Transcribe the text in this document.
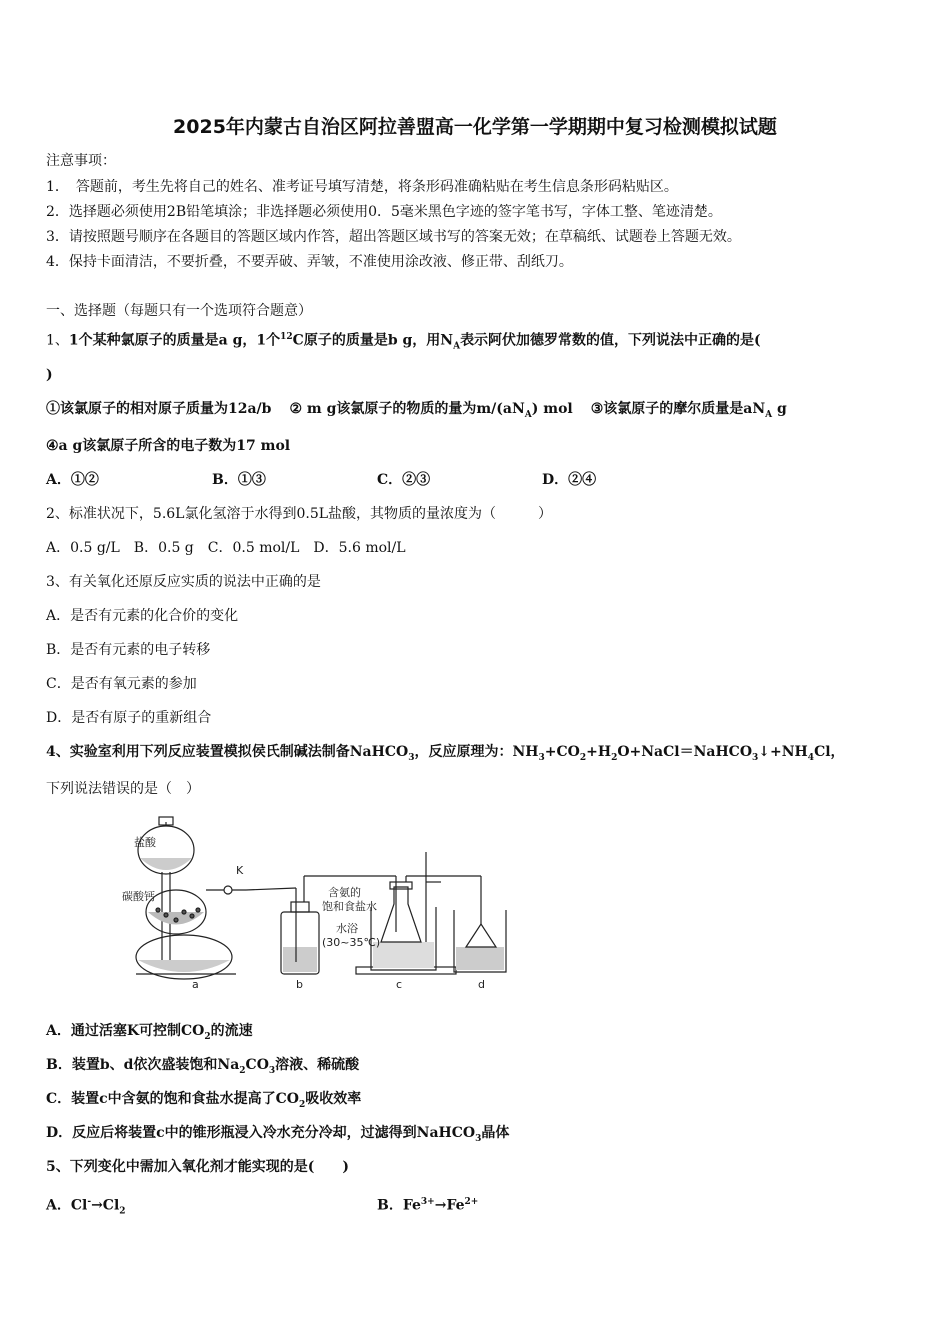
2025年内蒙古自治区阿拉善盟高一化学第一学期期中复习检测模拟试题
注意事项：
1．　答题前，考生先将自己的姓名、准考证号填写清楚，将条形码准确粘贴在考生信息条形码粘贴区。
2．选择题必须使用2B铅笔填涂；非选择题必须使用0．5毫米黑色字迹的签字笔书写，字体工整、笔迹清楚。
3．请按照题号顺序在各题目的答题区域内作答，超出答题区域书写的答案无效；在草稿纸、试题卷上答题无效。
4．保持卡面清洁，不要折叠，不要弄破、弄皱，不准使用涂改液、修正带、刮纸刀。
一、选择题（每题只有一个选项符合题意）
1、1个某种氯原子的质量是a g，1个$^{12}$C原子的质量是b g，用$N_A$表示阿伏加德罗常数的值，下列说法中正确的是(
)
①该氯原子的相对原子质量为12a/b ② m g该氯原子的物质的量为$m/(aN_A)$ mol ③该氯原子的摩尔质量是$aN_A$ g
④a g该氯原子所含的电子数为17 mol
A．①②	B．①③	C．②③	D．②④
2、标准状况下，5.6L氯化氢溶于水得到0.5L盐酸，其物质的量浓度为（　　　）
A．0.5 g/L　B．0.5 g　C．0.5 mol/L　D．5.6 mol/L
3、有关氧化还原反应实质的说法中正确的是
A．是否有元素的化合价的变化
B．是否有元素的电子转移
C．是否有氧元素的参加
D．是否有原子的重新组合
4、实验室利用下列反应装置模拟侯氏制碱法制备NaHCO$_3$，反应原理为：$NH_3+CO_2+H_2O+NaCl=NaHCO_3↓+NH_4Cl$，
下列说法错误的是（　）
盐酸
K
碳酸钙	含氨的
饱和食盐水
水浴
(30~35℃)
a	b	c	d
A．通过活塞K可控制$CO_2$的流速
B．装置b、d依次盛装饱和$Na_2CO_3$溶液、稀硫酸
C．装置c中含氨的饱和食盐水提高了$CO_2$吸收效率
D．反应后将装置c中的锥形瓶浸入冷水充分冷却，过滤得到NaHCO$_3$晶体
5、下列变化中需加入氧化剂才能实现的是(　　)
A．$Cl^-\to Cl_2$	B．$Fe^{3+}\to Fe^{2+}$
